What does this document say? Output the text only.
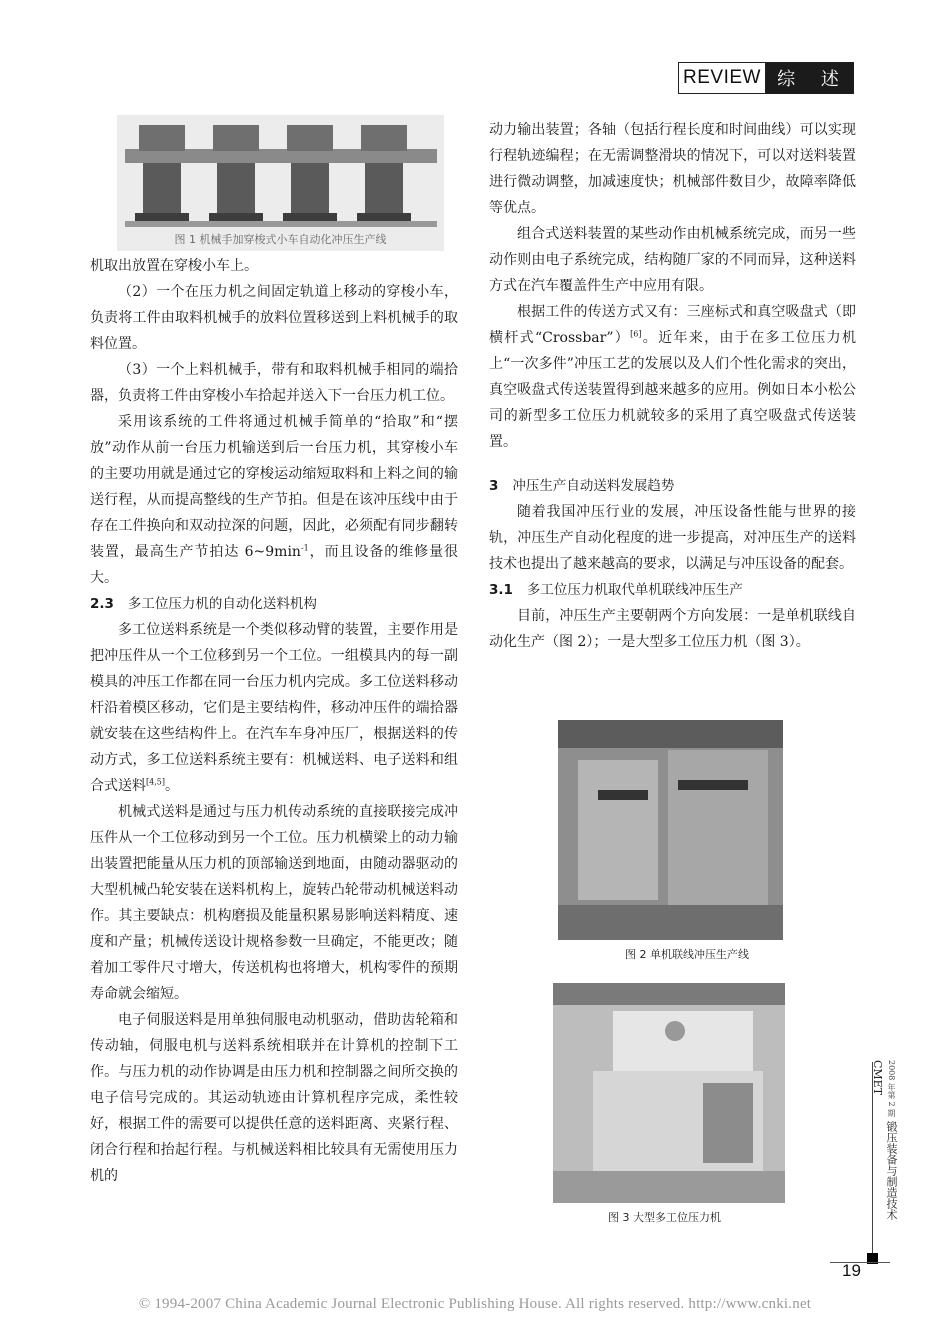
REVIEW 综 述
图 1 机械手加穿梭式小车自动化冲压生产线
图 2 单机联线冲压生产线
图 3 大型多工位压力机

机取出放置在穿梭小车上。

（2）一个在压力机之间固定轨道上移动的穿梭小车，负责将工件由取料机械手的放料位置移送到上料机械手的取料位置。

（3）一个上料机械手，带有和取料机械手相同的端拾器，负责将工件由穿梭小车拾起并送入下一台压力机工位。

采用该系统的工件将通过机械手简单的“拾取”和“摆放”动作从前一台压力机输送到后一台压力机，其穿梭小车的主要功用就是通过它的穿梭运动缩短取料和上料之间的输送行程，从而提高整线的生产节拍。但是在该冲压线中由于存在工件换向和双动拉深的问题，因此，必须配有同步翻转装置，最高生产节拍达 $6\sim 9\min^{-1}$，而且设备的维修量很大。

2.3 多工位压力机的自动化送料机构

多工位送料系统是一个类似移动臂的装置，主要作用是把冲压件从一个工位移到另一个工位。一组模具内的每一副模具的冲压工作都在同一台压力机内完成。多工位送料移动杆沿着模区移动，它们是主要结构件，移动冲压件的端拾器就安装在这些结构件上。在汽车车身冲压厂，根据送料的传动方式，多工位送料系统主要有：机械送料、电子送料和组合式送料[4,5]。

机械式送料是通过与压力机传动系统的直接联接完成冲压件从一个工位移动到另一个工位。压力机横梁上的动力输出装置把能量从压力机的顶部输送到地面，由随动器驱动的大型机械凸轮安装在送料机构上，旋转凸轮带动机械送料动作。其主要缺点：机构磨损及能量积累易影响送料精度、速度和产量；机械传送设计规格参数一旦确定，不能更改；随着加工零件尺寸增大，传送机构也将增大，机构零件的预期寿命就会缩短。

电子伺服送料是用单独伺服电动机驱动，借助齿轮箱和传动轴，伺服电机与送料系统相联并在计算机的控制下工作。与压力机的动作协调是由压力机和控制器之间所交换的电子信号完成的。其运动轨迹由计算机程序完成，柔性较好，根据工件的需要可以提供任意的送料距离、夹紧行程、闭合行程和抬起行程。与机械送料相比较具有无需使用压力机的

动力输出装置；各轴（包括行程长度和时间曲线）可以实现行程轨迹编程；在无需调整滑块的情况下，可以对送料装置进行微动调整，加减速度快；机械部件数目少，故障率降低等优点。

组合式送料装置的某些动作由机械系统完成，而另一些动作则由电子系统完成，结构随厂家的不同而异，这种送料方式在汽车覆盖件生产中应用有限。

根据工件的传送方式又有：三座标式和真空吸盘式（即横杆式“Crossbar”）[6]。近年来，由于在多工位压力机上“一次多件”冲压工艺的发展以及人们个性化需求的突出，真空吸盘式传送装置得到越来越多的应用。例如日本小松公司的新型多工位压力机就较多的采用了真空吸盘式传送装置。

3 冲压生产自动送料发展趋势

随着我国冲压行业的发展，冲压设备性能与世界的接轨，冲压生产自动化程度的进一步提高，对冲压生产的送料技术也提出了越来越高的要求，以满足与冲压设备的配套。

3.1 多工位压力机取代单机联线冲压生产

目前，冲压生产主要朝两个方向发展：一是单机联线自动化生产（图 2）；一是大型多工位压力机（图 3）。

2008 年第 2 期 锻压装备与制造技术 CMET
19
© 1994-2007 China Academic Journal Electronic Publishing House. All rights reserved. http://www.cnki.net
